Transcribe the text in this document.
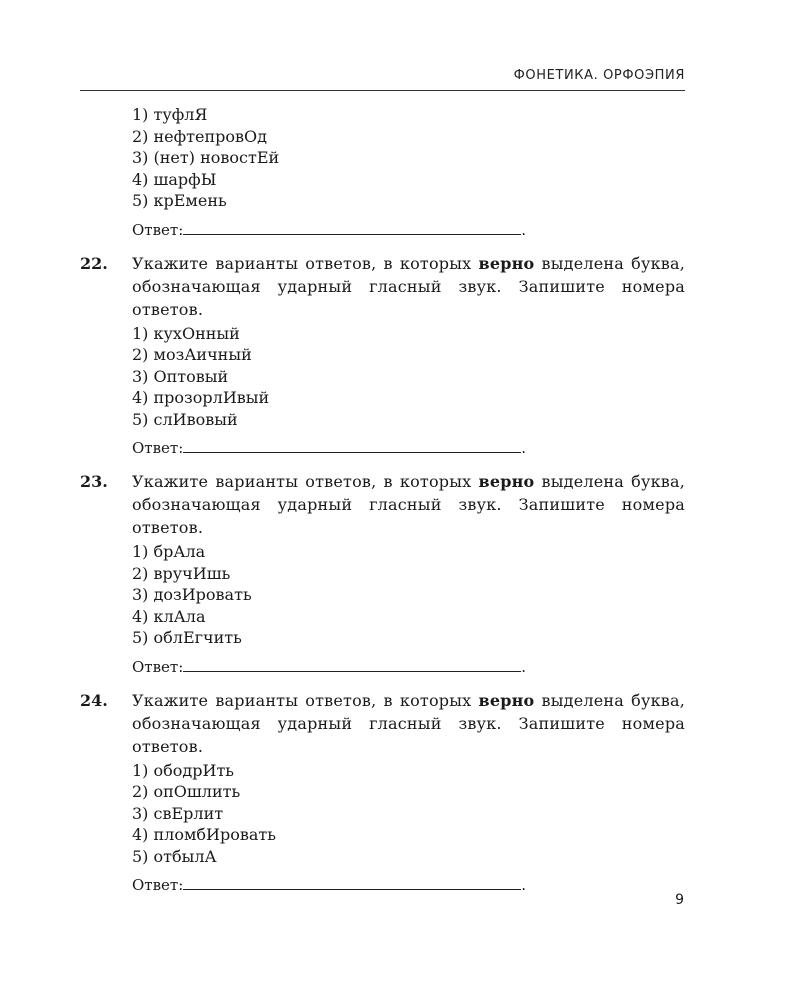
ФОНЕТИКА. ОРФОЭПИЯ
1) туфлЯ
2) нефтепровОд
3) (нет) новостЕй
4) шарфЫ
5) крЕмень
Ответ:	.
22. Укажите варианты ответов, в которых верно выделена буква, обозначающая ударный гласный звук. Запишите номера ответов.
1) кухОнный
2) мозАичный
3) Оптовый
4) прозорлИвый
5) слИвовый
Ответ:	.
23. Укажите варианты ответов, в которых верно выделена буква, обозначающая ударный гласный звук. Запишите номера ответов.
1) брАла
2) вручИшь
3) дозИровать
4) клАла
5) облЕгчить
Ответ:	.
24. Укажите варианты ответов, в которых верно выделена буква, обозначающая ударный гласный звук. Запишите номера ответов.
1) ободрИть
2) опОшлить
3) свЕрлит
4) пломбИровать
5) отбылА
Ответ:	.
9
